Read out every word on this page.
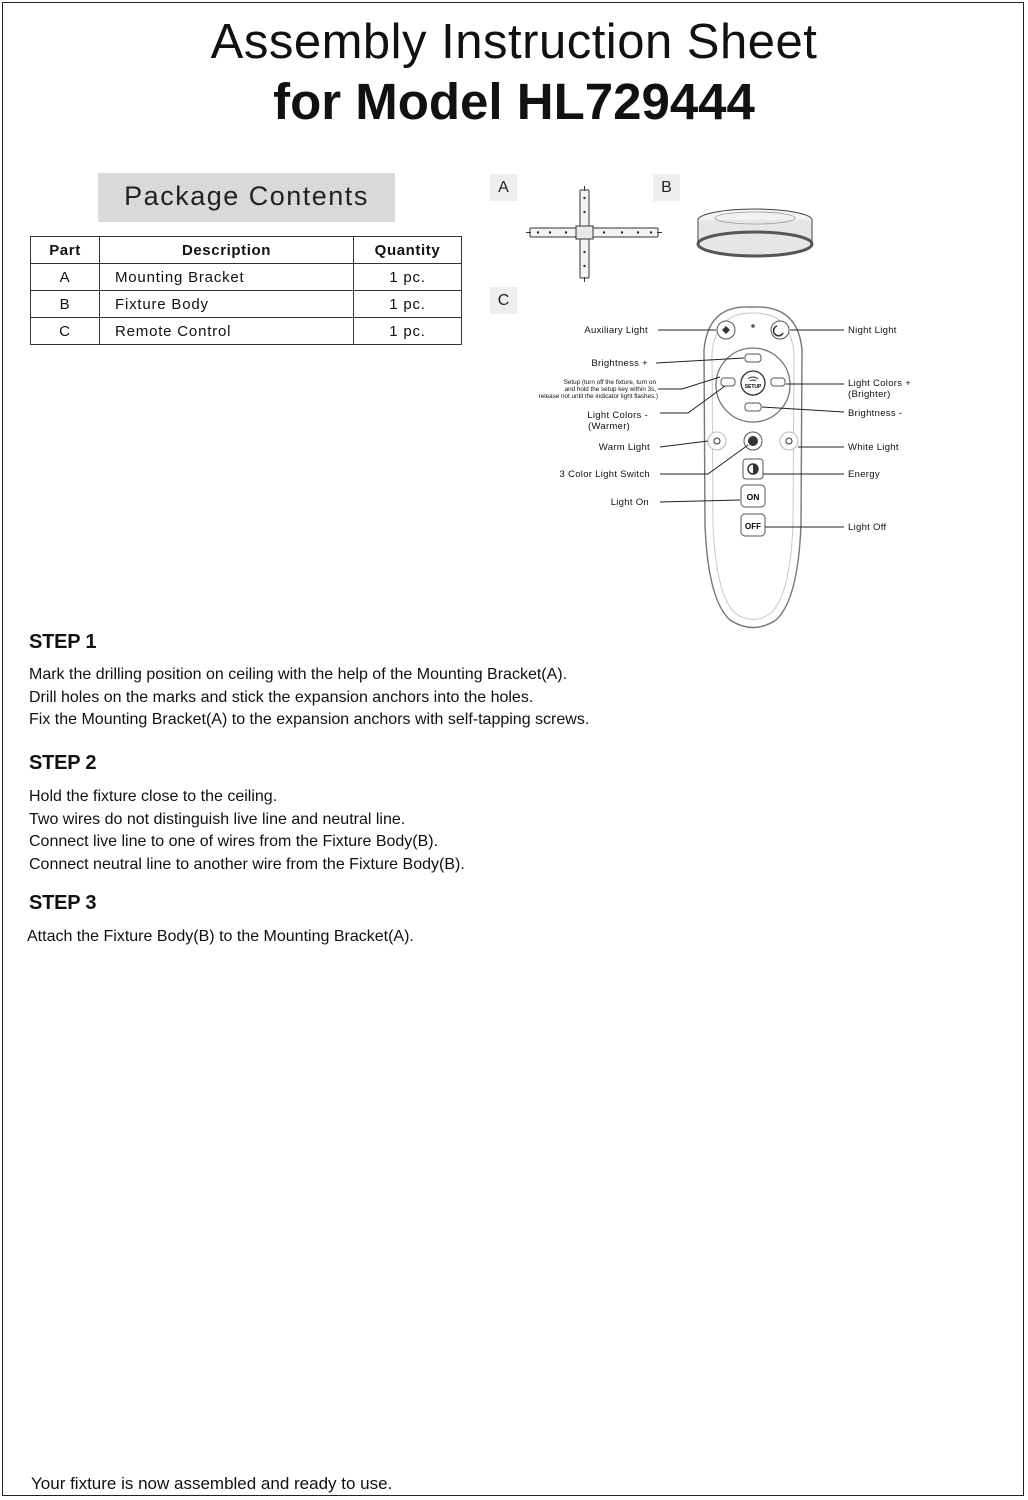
Assembly Instruction Sheet
for Model HL729444
Package Contents
Part	Description	Quantity
A	Mounting Bracket	1 pc.
B	Fixture Body	1 pc.
C	Remote Control	1 pc.
A	B
C
SETUP
ON
OFF
Auxiliary Light	Night Light
Brightness +
Light Colors +
(Brighter)
Brightness -
Light Colors -
(Warmer)
Warm Light	White Light
3 Color Light Switch	Energy
Light On
Light Off
Setup (turn off the fixture, turn on
and hold the setup key within 3s,
release not until the indicator light flashes.)
STEP 1
Mark the drilling position on ceiling with the help of the Mounting Bracket(A).
Drill holes on the marks and stick the expansion anchors into the holes.
Fix the Mounting Bracket(A) to the expansion anchors with self-tapping screws.
STEP 2
Hold the fixture close to the ceiling.
Two wires do not distinguish live line and neutral line.
Connect live line to one of wires from the Fixture Body(B).
Connect neutral line to another wire from the Fixture Body(B).
STEP 3
Attach the Fixture Body(B) to the Mounting Bracket(A).
Your fixture is now assembled and ready to use.
